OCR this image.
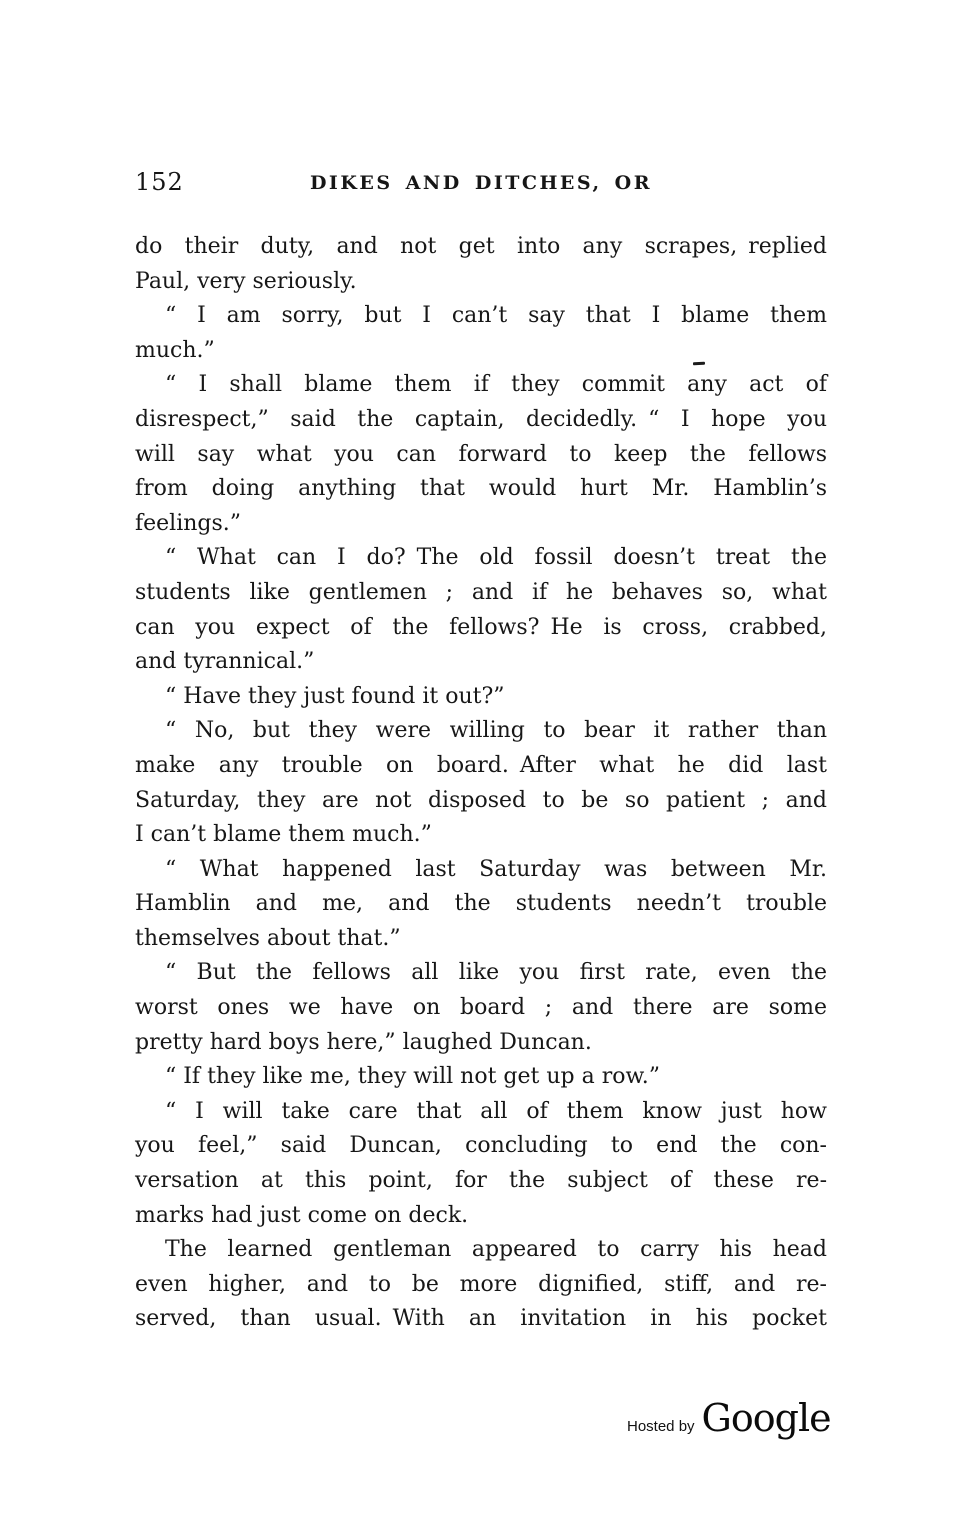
152	DIKES AND DITCHES, OR
do their duty, and not get into any scrapes, replied
Paul, very seriously.
“ I am sorry, but I can’t say that I blame them
much.”
“ I shall blame them if they commit any act of
disrespect,” said the captain, decidedly. “ I hope you
will say what you can forward to keep the fellows
from doing anything that would hurt Mr. Hamblin’s
feelings.”
“ What can I do? The old fossil doesn’t treat the
students like gentlemen ; and if he behaves so, what
can you expect of the fellows? He is cross, crabbed,
and tyrannical.”
“ Have they just found it out?”
“ No, but they were willing to bear it rather than
make any trouble on board. After what he did last
Saturday, they are not disposed to be so patient ; and
I can’t blame them much.”
“ What happened last Saturday was between Mr.
Hamblin and me, and the students needn’t trouble
themselves about that.”
“ But the fellows all like you first rate, even the
worst ones we have on board ; and there are some
pretty hard boys here,” laughed Duncan.
“ If they like me, they will not get up a row.”
“ I will take care that all of them know just how
you feel,” said Duncan, concluding to end the con-
versation at this point, for the subject of these re-
marks had just come on deck.
The learned gentleman appeared to carry his head
even higher, and to be more dignified, stiff, and re-
served, than usual. With an invitation in his pocket
Hosted by Google
